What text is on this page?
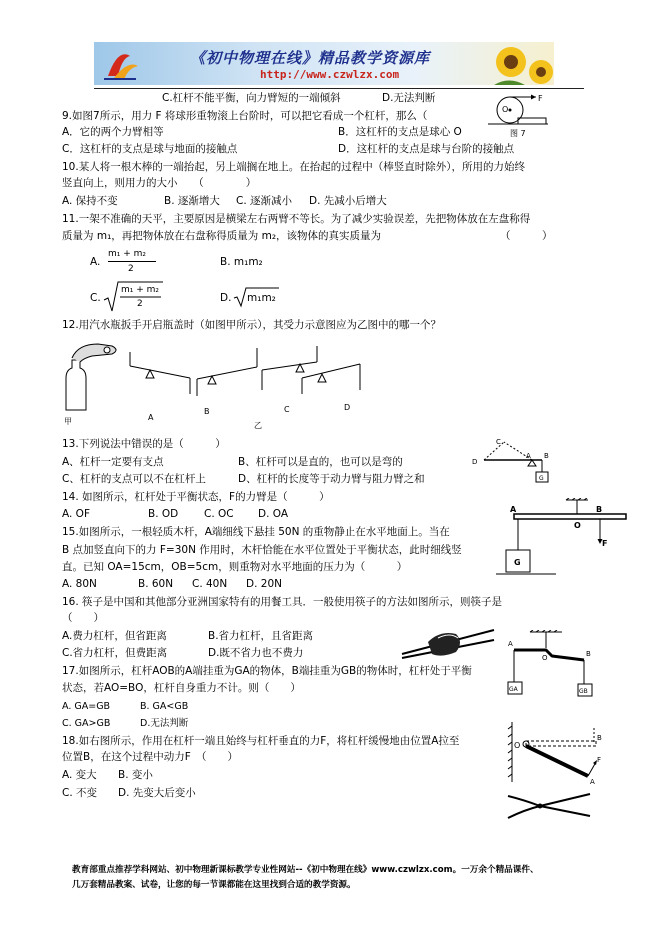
《初中物理在线》精品教学资源库
http://www.czwlzx.com
C.杠杆不能平衡，向力臂短的一端倾斜	D.无法判断
9.如图7所示，用力 F 将球形重物滚上台阶时，可以把它看成一个杠杆，那么（
A．它的两个力臂相等	B．这杠杆的支点是球心 O
C．这杠杆的支点是球与地面的接触点	D．这杠杆的支点是球与台阶的接触点
F
O
图 7
10.某人将一根木棒的一端抬起，另上端搁在地上。在抬起的过程中（棒竖直时除外），所用的力始终
竖直向上，则用力的大小　　（　　　　）
A. 保持不变	B. 逐渐增大 C. 逐渐减小 D. 先减小后增大
11.一架不准确的天平，主要原因是横梁左右两臂不等长。为了减少实验误差，先把物体放在左盘称得
质量为 m₁，再把物体放在右盘称得质量为 m₂，该物体的真实质量为	（　　　）
A.
m₁ + m₂
2
B. m₁m₂
C.
m₁ + m₂
2	D. m₁m₂
12.用汽水瓶扳手开启瓶盖时（如图甲所示），其受力示意图应为乙图中的哪一个？
甲	A
B	C	D
乙
13.下列说法中错误的是（　　　）
A、杠杆一定要有支点	B、杠杆可以是直的，也可以是弯的
C、杠杆的支点可以不在杠杆上	D、杠杆的长度等于动力臂与阻力臂之和
C
D
A B
G
14. 如图所示，杠杆处于平衡状态，F的力臂是（　　　）
A. OF	B. OD C. OC D. OA
15.如图所示，一根轻质木杆，A端细线下悬挂 50N 的重物静止在水平地面上。当在
B 点加竖直向下的力 F=30N 作用时，木杆恰能在水平位置处于平衡状态，此时细线竖
直。已知 OA=15cm，OB=5cm，则重物对水平地面的压力为（　　　）
A. 80N	B. 60N C. 40N D. 20N
A
O
B
F
G
16. 筷子是中国和其他部分亚洲国家特有的用餐工具．一般使用筷子的方法如图所示，则筷子是
（　　）
A.费力杠杆，但省距离	B.省力杠杆，且省距离
C.省力杠杆，但费距离	D.既不省力也不费力
17.如图所示，杠杆AOB的A端挂重为GA的物体，B端挂重为GB的物体时，杠杆处于平衡
状态，若AO=BO，杠杆自身重力不计。则（　　）
A. GA=GB	B. GA<GB
C. GA>GB	D.无法判断
A
O	B
GA	GB
18.如右图所示，作用在杠杆一端且始终与杠杆垂直的力F，将杠杆缓慢地由位置A拉至
位置B，在这个过程中动力F　（　　）
A. 变大 B. 变小
C. 不变 D. 先变大后变小
O
B
F
A
教育部重点推荐学科网站、初中物理新课标教学专业性网站--《初中物理在线》www.czwlzx.com。一万余个精品课件、
几万套精品教案、试卷，让您的每一节课都能在这里找到合适的教学资源。
